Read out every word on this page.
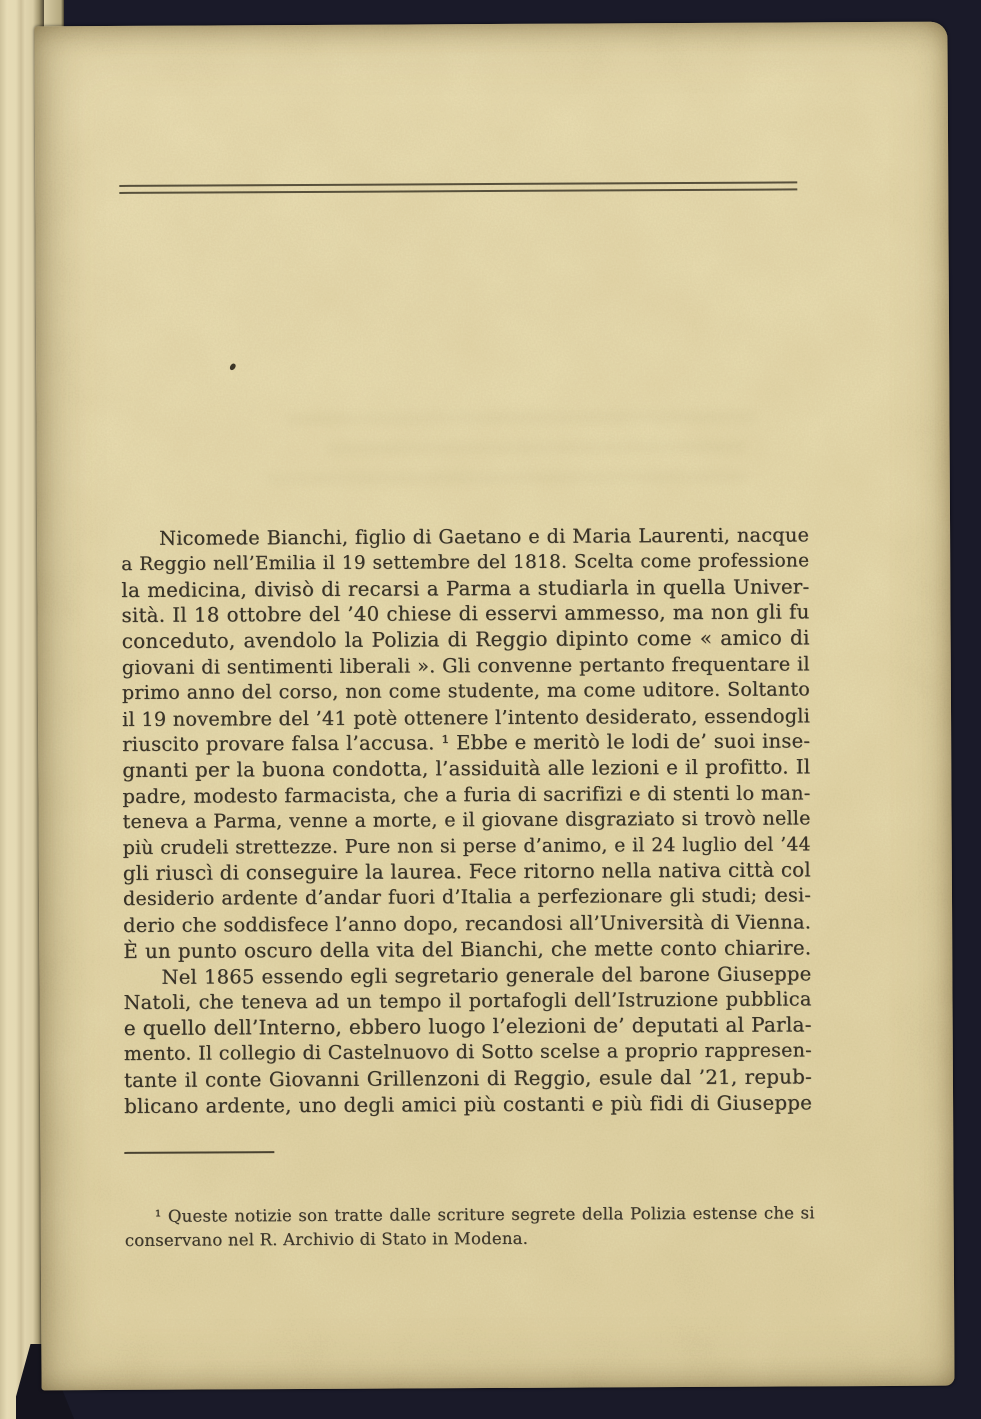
Nicomede Bianchi, figlio di Gaetano e di Maria Laurenti, nacque
a Reggio nell’Emilia il 19 settembre del 1818. Scelta come professione
la medicina, divisò di recarsi a Parma a studiarla in quella Univer-
sità. Il 18 ottobre del ’40 chiese di esservi ammesso, ma non gli fu
conceduto, avendolo la Polizia di Reggio dipinto come « amico di
giovani di sentimenti liberali ». Gli convenne pertanto frequentare il
primo anno del corso, non come studente, ma come uditore. Soltanto
il 19 novembre del ’41 potè ottenere l’intento desiderato, essendogli
riuscito provare falsa l’accusa. ¹ Ebbe e meritò le lodi de’ suoi inse-
gnanti per la buona condotta, l’assiduità alle lezioni e il profitto. Il
padre, modesto farmacista, che a furia di sacrifizi e di stenti lo man-
teneva a Parma, venne a morte, e il giovane disgraziato si trovò nelle
più crudeli strettezze. Pure non si perse d’animo, e il 24 luglio del ’44
gli riuscì di conseguire la laurea. Fece ritorno nella nativa città col
desiderio ardente d’andar fuori d’Italia a perfezionare gli studi; desi-
derio che soddisfece l’anno dopo, recandosi all’Università di Vienna.
È un punto oscuro della vita del Bianchi, che mette conto chiarire.
Nel 1865 essendo egli segretario generale del barone Giuseppe
Natoli, che teneva ad un tempo il portafogli dell’Istruzione pubblica
e quello dell’Interno, ebbero luogo l’elezioni de’ deputati al Parla-
mento. Il collegio di Castelnuovo di Sotto scelse a proprio rappresen-
tante il conte Giovanni Grillenzoni di Reggio, esule dal ’21, repub-
blicano ardente, uno degli amici più costanti e più fidi di Giuseppe
¹ Queste notizie son tratte dalle scriture segrete della Polizia estense che si
conservano nel R. Archivio di Stato in Modena.
